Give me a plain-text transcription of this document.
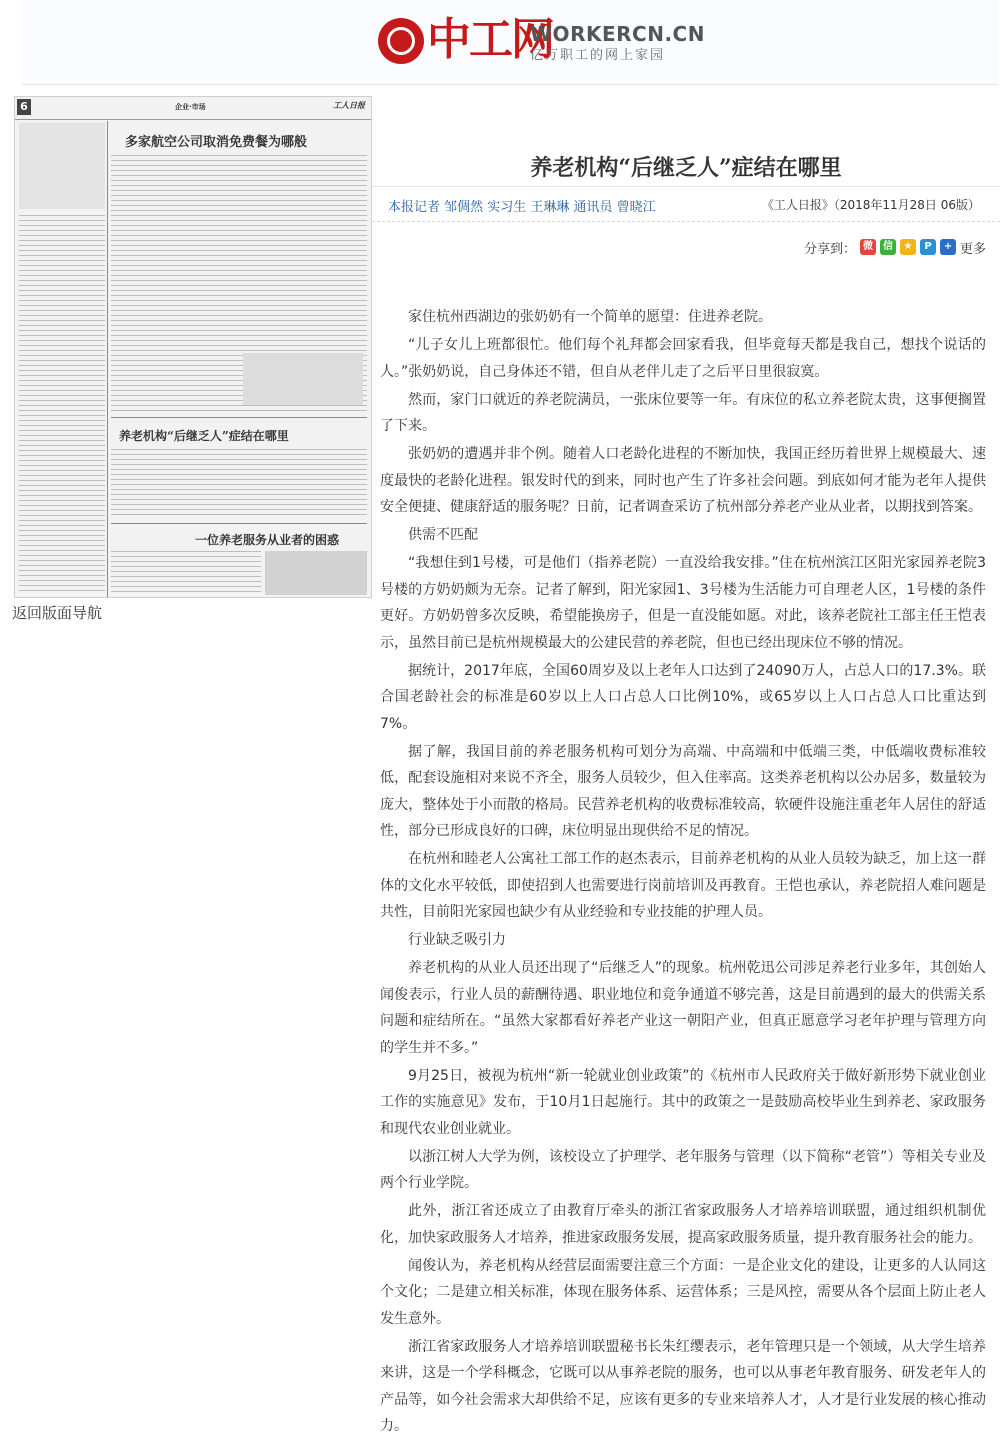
中工网
WORKERCN.CN
亿万职工的网上家园
6	企业·市场	工人日报
多家航空公司取消免费餐为哪般
养老机构“后继乏人”症结在哪里
一位养老服务从业者的困惑
返回版面导航
养老机构“后继乏人”症结在哪里
本报记者 邹倜然 实习生 王琳琳 通讯员 曾晓江	《工人日报》（2018年11月28日 06版）
分享到： 微	信	★	P	+ 更多

家住杭州西湖边的张奶奶有一个简单的愿望：住进养老院。

“儿子女儿上班都很忙。他们每个礼拜都会回家看我，但毕竟每天都是我自己，想找个说话的人。”张奶奶说，自己身体还不错，但自从老伴儿走了之后平日里很寂寞。

然而，家门口就近的养老院满员，一张床位要等一年。有床位的私立养老院太贵，这事便搁置了下来。

张奶奶的遭遇并非个例。随着人口老龄化进程的不断加快，我国正经历着世界上规模最大、速度最快的老龄化进程。银发时代的到来，同时也产生了许多社会问题。到底如何才能为老年人提供安全便捷、健康舒适的服务呢？日前，记者调查采访了杭州部分养老产业从业者，以期找到答案。

供需不匹配

“我想住到1号楼，可是他们（指养老院）一直没给我安排。”住在杭州滨江区阳光家园养老院3号楼的方奶奶颇为无奈。记者了解到，阳光家园1、3号楼为生活能力可自理老人区，1号楼的条件更好。方奶奶曾多次反映，希望能换房子，但是一直没能如愿。对此，该养老院社工部主任王恺表示，虽然目前已是杭州规模最大的公建民营的养老院，但也已经出现床位不够的情况。

据统计，2017年底，全国60周岁及以上老年人口达到了24090万人，占总人口的17.3%。联合国老龄社会的标准是60岁以上人口占总人口比例10%，或65岁以上人口占总人口比重达到7%。

据了解，我国目前的养老服务机构可划分为高端、中高端和中低端三类，中低端收费标准较低，配套设施相对来说不齐全，服务人员较少，但入住率高。这类养老机构以公办居多，数量较为庞大，整体处于小而散的格局。民营养老机构的收费标准较高，软硬件设施注重老年人居住的舒适性，部分已形成良好的口碑，床位明显出现供给不足的情况。

在杭州和睦老人公寓社工部工作的赵杰表示，目前养老机构的从业人员较为缺乏，加上这一群体的文化水平较低，即使招到人也需要进行岗前培训及再教育。王恺也承认，养老院招人难问题是共性，目前阳光家园也缺少有从业经验和专业技能的护理人员。

行业缺乏吸引力

养老机构的从业人员还出现了“后继乏人”的现象。杭州乾迅公司涉足养老行业多年，其创始人闻俊表示，行业人员的薪酬待遇、职业地位和竞争通道不够完善，这是目前遇到的最大的供需关系问题和症结所在。“虽然大家都看好养老产业这一朝阳产业，但真正愿意学习老年护理与管理方向的学生并不多。”

9月25日，被视为杭州“新一轮就业创业政策”的《杭州市人民政府关于做好新形势下就业创业工作的实施意见》发布，于10月1日起施行。其中的政策之一是鼓励高校毕业生到养老、家政服务和现代农业创业就业。

以浙江树人大学为例，该校设立了护理学、老年服务与管理（以下简称“老管”）等相关专业及两个行业学院。

此外，浙江省还成立了由教育厅牵头的浙江省家政服务人才培养培训联盟，通过组织机制优化，加快家政服务人才培养，推进家政服务发展，提高家政服务质量，提升教育服务社会的能力。

闻俊认为，养老机构从经营层面需要注意三个方面：一是企业文化的建设，让更多的人认同这个文化；二是建立相关标准，体现在服务体系、运营体系；三是风控，需要从各个层面上防止老人发生意外。

浙江省家政服务人才培养培训联盟秘书长朱红缨表示，老年管理只是一个领域，从大学生培养来讲，这是一个学科概念，它既可以从事养老院的服务，也可以从事老年教育服务、研发老年人的产品等，如今社会需求大却供给不足，应该有更多的专业来培养人才，人才是行业发展的核心推动力。
